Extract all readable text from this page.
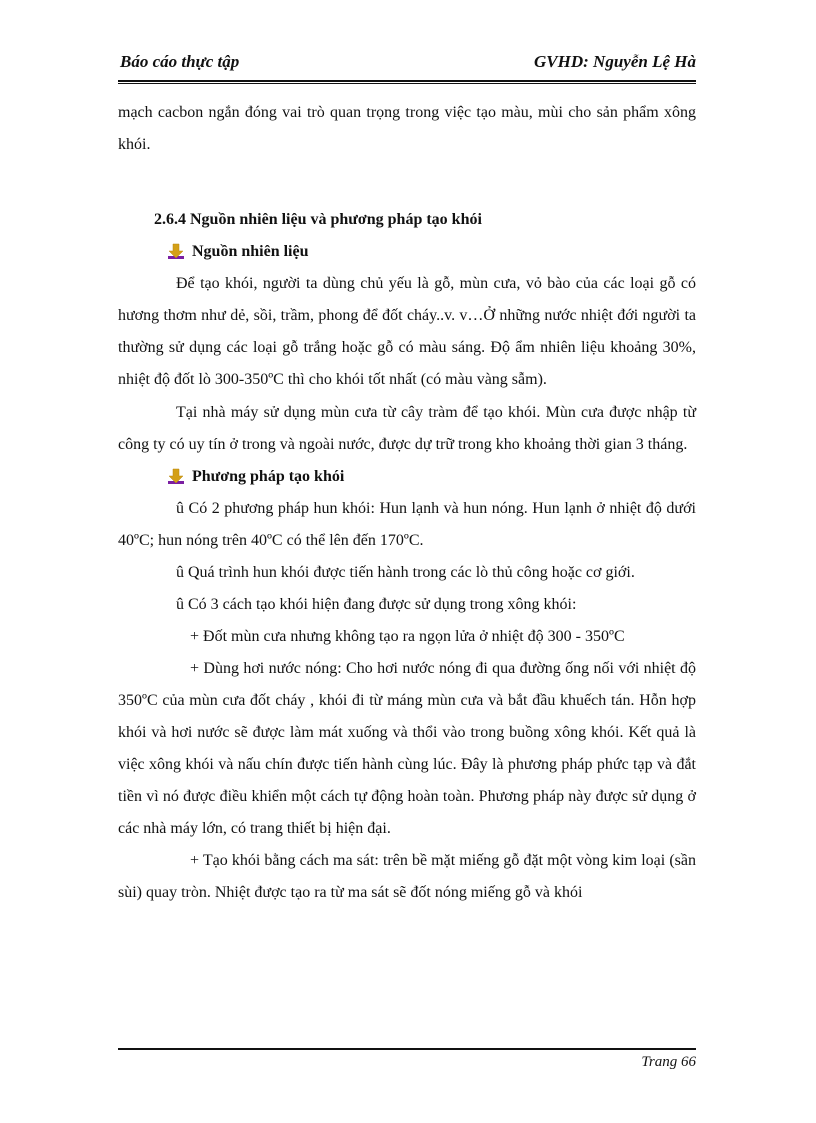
Báo cáo thực tập	GVHD: Nguyễn Lệ Hà

mạch cacbon ngắn đóng vai trò quan trọng trong việc tạo màu, mùi cho sản phẩm xông khói.

2.6.4 Nguồn nhiên liệu và phương pháp tạo khói

Nguồn nhiên liệu

Để tạo khói, người ta dùng chủ yếu là gỗ, mùn cưa, vỏ bào của các loại gỗ có hương thơm như dẻ, sồi, trầm, phong để đốt cháy..v. v…Ở những nước nhiệt đới người ta thường sử dụng các loại gỗ trắng hoặc gỗ có màu sáng. Độ ẩm nhiên liệu khoảng 30%, nhiệt độ đốt lò 300-350ºC thì cho khói tốt nhất (có màu vàng sẫm).

Tại nhà máy sử dụng mùn cưa từ cây tràm để tạo khói. Mùn cưa được nhập từ công ty có uy tín ở trong và ngoài nước, được dự trữ trong kho khoảng thời gian 3 tháng.

Phương pháp tạo khói

û Có 2 phương pháp hun khói: Hun lạnh và hun nóng. Hun lạnh ở nhiệt độ dưới 40ºC; hun nóng trên 40ºC có thể lên đến 170ºC.

û Quá trình hun khói được tiến hành trong các lò thủ công hoặc cơ giới.

û Có 3 cách tạo khói hiện đang được sử dụng trong xông khói:

+ Đốt mùn cưa nhưng không tạo ra ngọn lửa ở nhiệt độ 300 - 350ºC

+ Dùng hơi nước nóng: Cho hơi nước nóng đi qua đường ống nối với nhiệt độ 350ºC của mùn cưa đốt cháy , khói đi từ máng mùn cưa và bắt đầu khuếch tán. Hỗn hợp khói và hơi nước sẽ được làm mát xuống và thổi vào trong buồng xông khói. Kết quả là việc xông khói và nấu chín được tiến hành cùng lúc. Đây là phương pháp phức tạp và đắt tiền vì nó được điều khiển một cách tự động hoàn toàn. Phương pháp này được sử dụng ở các nhà máy lớn, có trang thiết bị hiện đại.

+ Tạo khói bằng cách ma sát: trên bề mặt miếng gỗ đặt một vòng kim loại (sần sùi) quay tròn. Nhiệt được tạo ra từ ma sát sẽ đốt nóng miếng gỗ và khói

Trang 66
